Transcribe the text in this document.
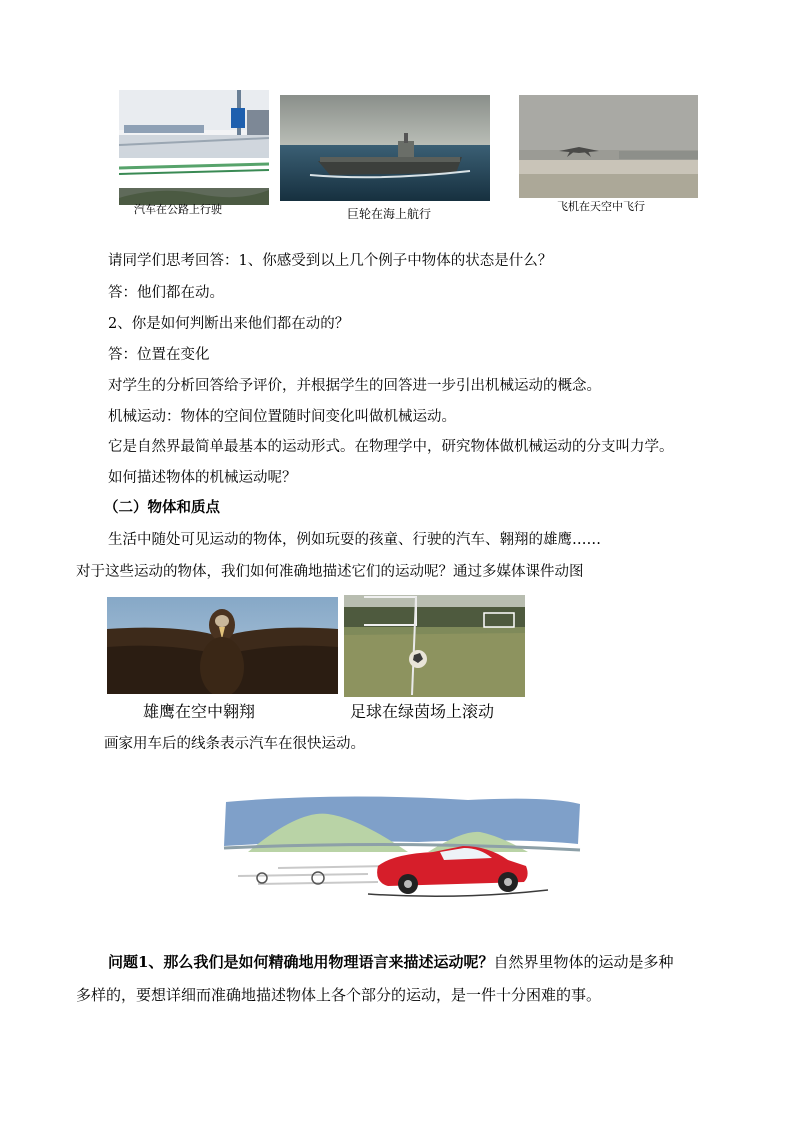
汽车在公路上行驶	巨轮在海上航行
飞机在天空中飞行
请同学们思考回答：1、你感受到以上几个例子中物体的状态是什么？
答：他们都在动。
2、你是如何判断出来他们都在动的？
答：位置在变化
对学生的分析回答给予评价，并根据学生的回答进一步引出机械运动的概念。
机械运动：物体的空间位置随时间变化叫做机械运动。
它是自然界最简单最基本的运动形式。在物理学中，研究物体做机械运动的分支叫力学。
如何描述物体的机械运动呢？
（二）物体和质点
生活中随处可见运动的物体，例如玩耍的孩童、行驶的汽车、翱翔的雄鹰……
对于这些运动的物体，我们如何准确地描述它们的运动呢？通过多媒体课件动图
雄鹰在空中翱翔	足球在绿茵场上滚动
画家用车后的线条表示汽车在很快运动。
问题1、那么我们是如何精确地用物理语言来描述运动呢？自然界里物体的运动是多种
多样的，要想详细而准确地描述物体上各个部分的运动，是一件十分困难的事。
